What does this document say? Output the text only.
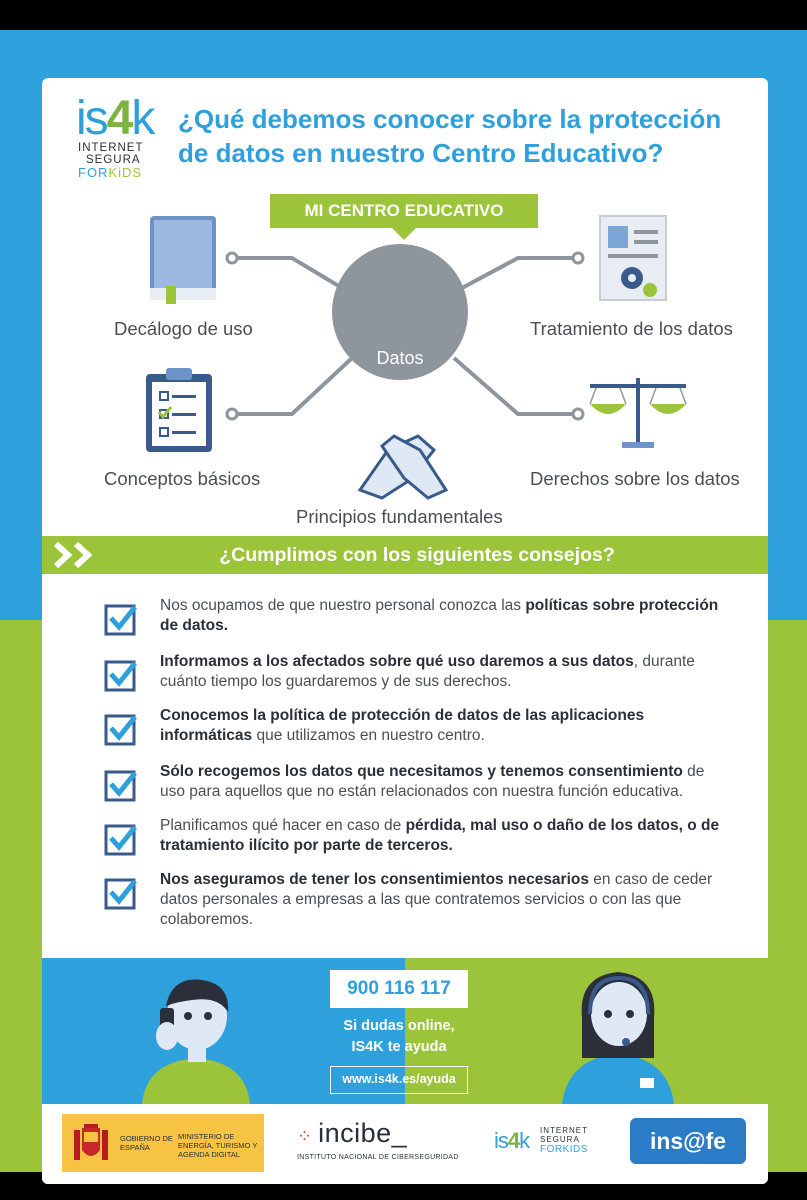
is4k
INTERNET
SEGURA
FORKiDS
¿Qué debemos conocer sobre la protección de datos en nuestro Centro Educativo?
MI CENTRO EDUCATIVO
Datos
Decálogo de uso	Tratamiento de los datos
Conceptos básicos	Derechos sobre los datos
Principios fundamentales
¿Cumplimos con los siguientes consejos?
Nos ocupamos de que nuestro personal conozca las políticas sobre protección de datos.
Informamos a los afectados sobre qué uso daremos a sus datos, durante cuánto tiempo los guardaremos y de sus derechos.
Conocemos la política de protección de datos de las aplicaciones informáticas que utilizamos en nuestro centro.
Sólo recogemos los datos que necesitamos y tenemos consentimiento de uso para aquellos que no están relacionados con nuestra función educativa.
Planificamos qué hacer en caso de pérdida, mal uso o daño de los datos, o de tratamiento ilícito por parte de terceros.
Nos aseguramos de tener los consentimientos necesarios en caso de ceder datos personales a empresas a las que contratemos servicios o con las que colaboremos.
900 116 117
Si dudas online,
IS4K te ayuda
www.is4k.es/ayuda
GOBIERNO DE ESPAÑA
MINISTERIO DE ENERGÍA, TURISMO Y AGENDA DIGITAL
⁘ incibe_
INSTITUTO NACIONAL DE CIBERSEGURIDAD
is4k INTERNET SEGURA
FORKIDS	ins@fe
